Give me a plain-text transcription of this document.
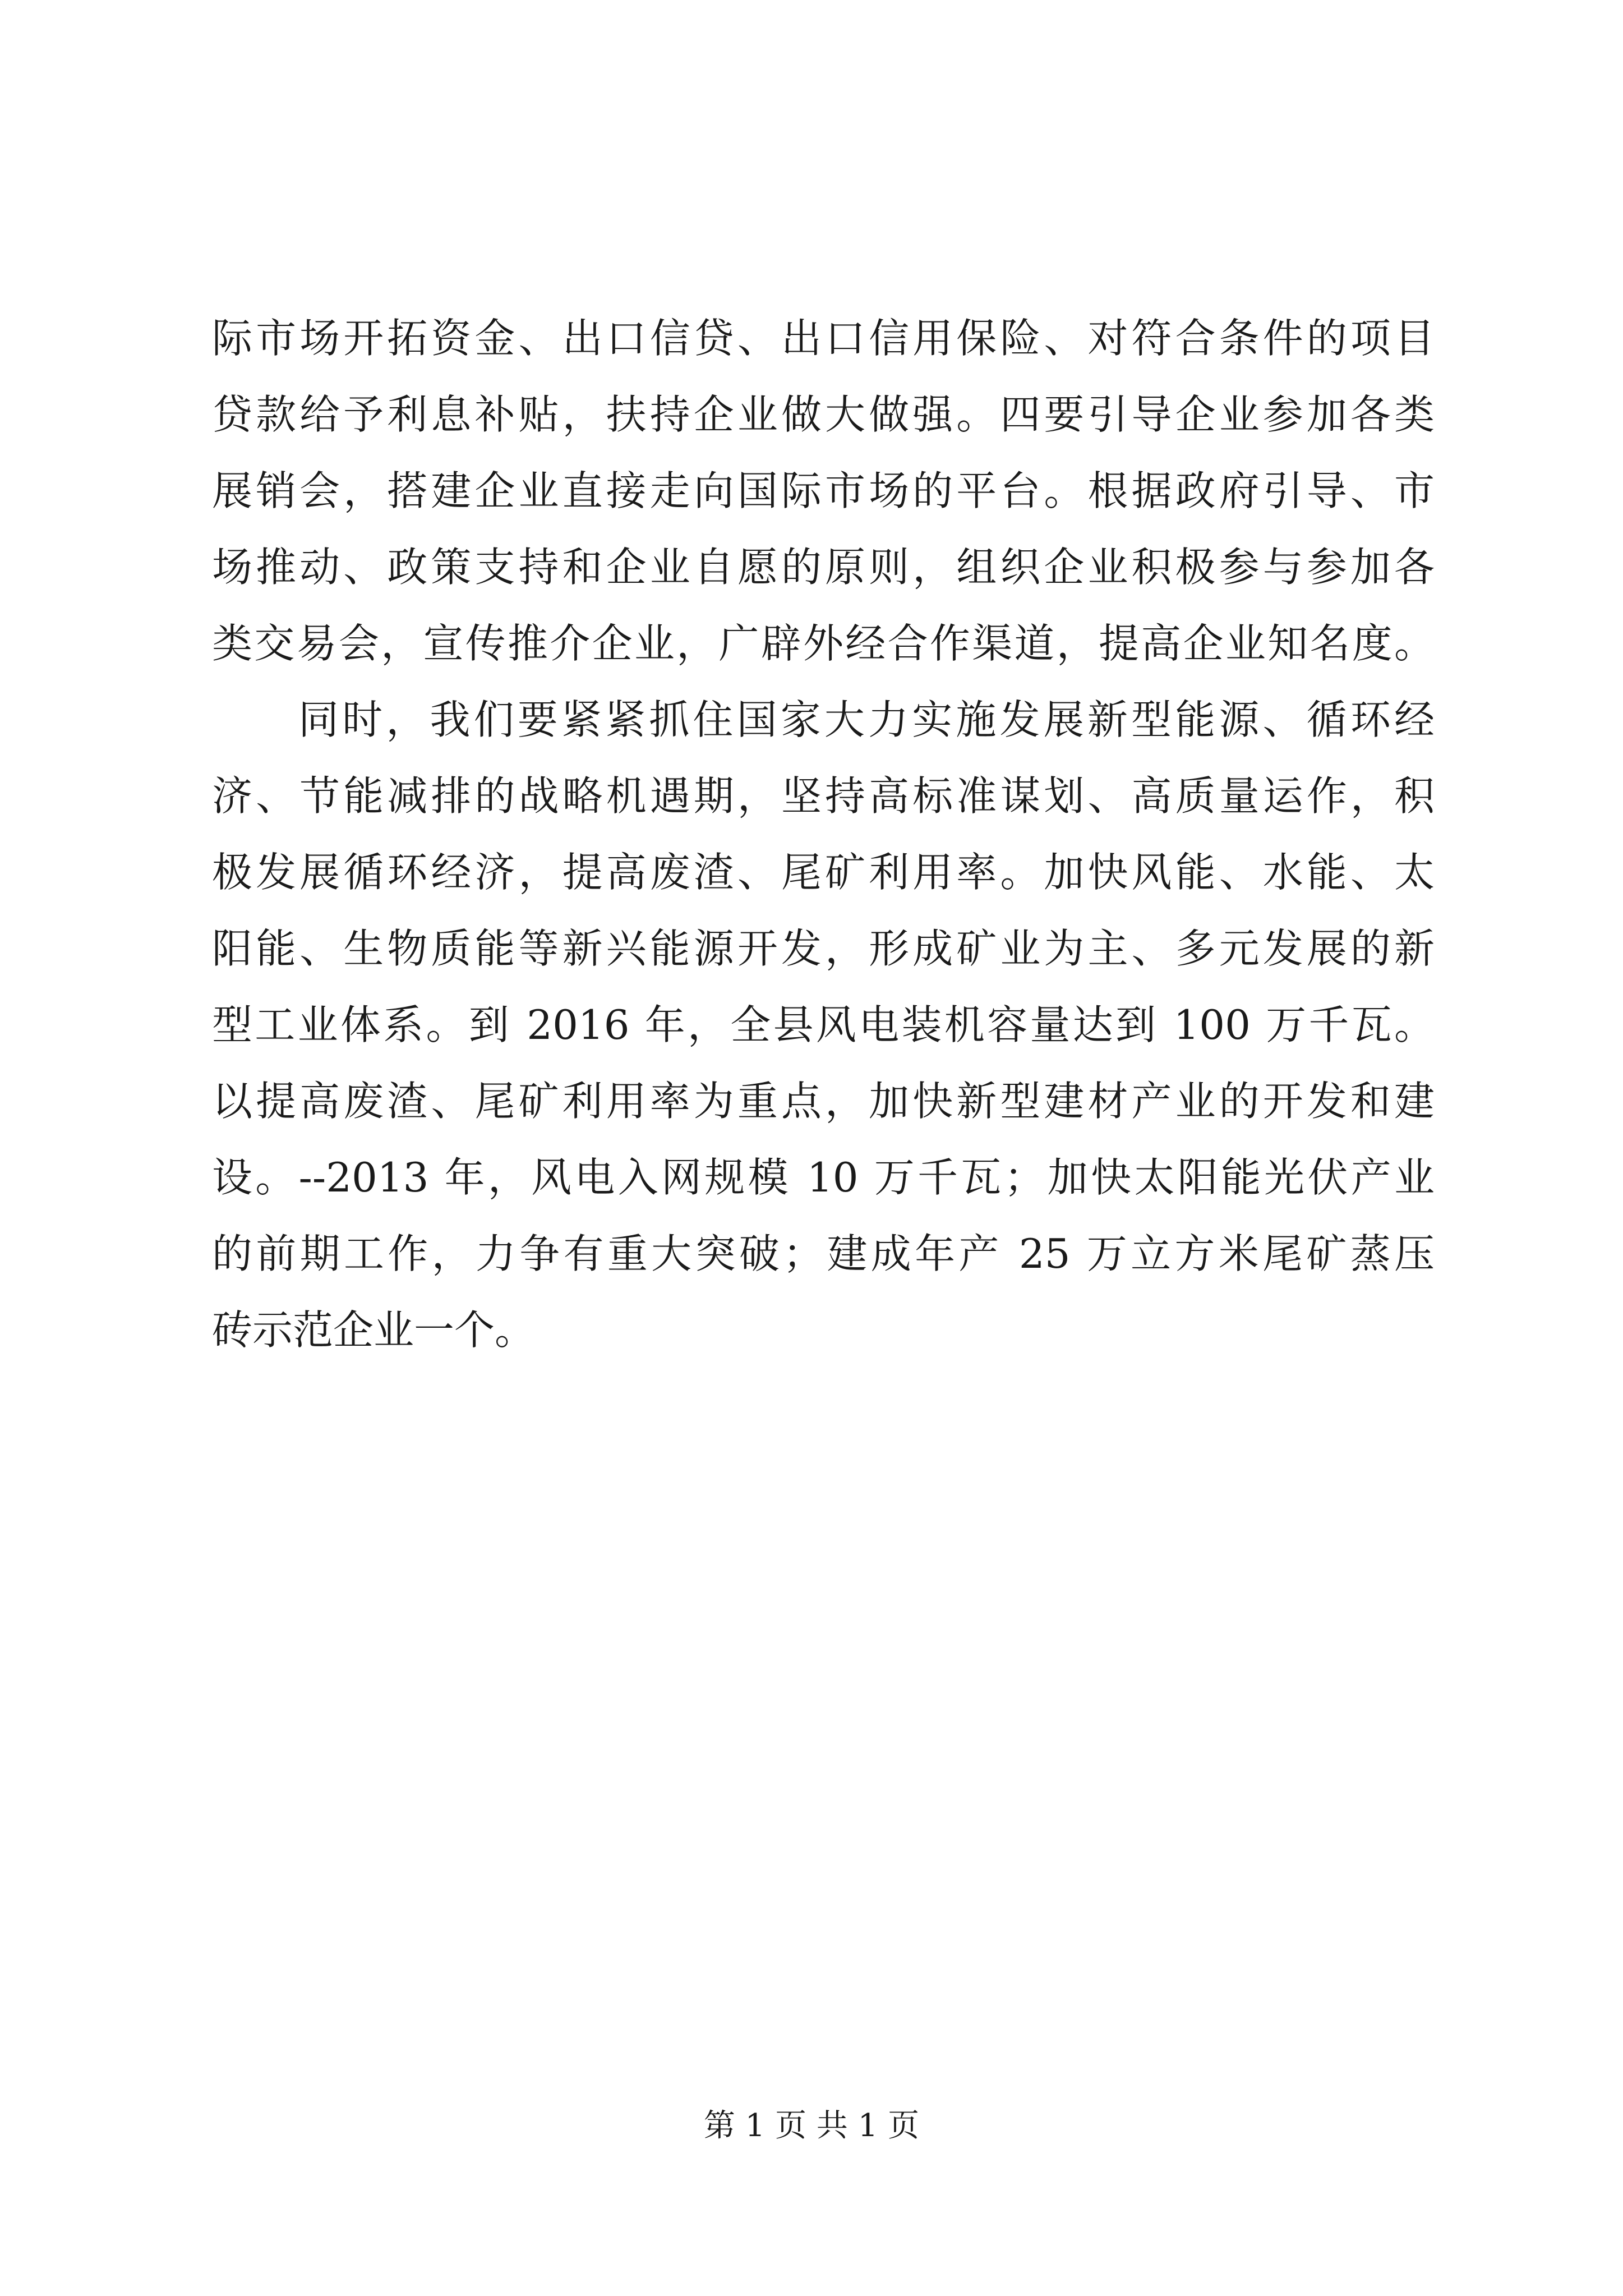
际市场开拓资金、出口信贷、出口信用保险、对符合条件的项目
贷款给予利息补贴，扶持企业做大做强。四要引导企业参加各类
展销会，搭建企业直接走向国际市场的平台。根据政府引导、市
场推动、政策支持和企业自愿的原则，组织企业积极参与参加各
类交易会，宣传推介企业，广辟外经合作渠道，提高企业知名度。
同时，我们要紧紧抓住国家大力实施发展新型能源、循环经
济、节能减排的战略机遇期，坚持高标准谋划、高质量运作，积
极发展循环经济，提高废渣、尾矿利用率。加快风能、水能、太
阳能、生物质能等新兴能源开发，形成矿业为主、多元发展的新
型工业体系。到 2016 年，全县风电装机容量达到 100 万千瓦。
以提高废渣、尾矿利用率为重点，加快新型建材产业的开发和建
设。--2013 年，风电入网规模 10 万千瓦；加快太阳能光伏产业
的前期工作，力争有重大突破；建成年产 25 万立方米尾矿蒸压
砖示范企业一个。
第 1 页 共 1 页
